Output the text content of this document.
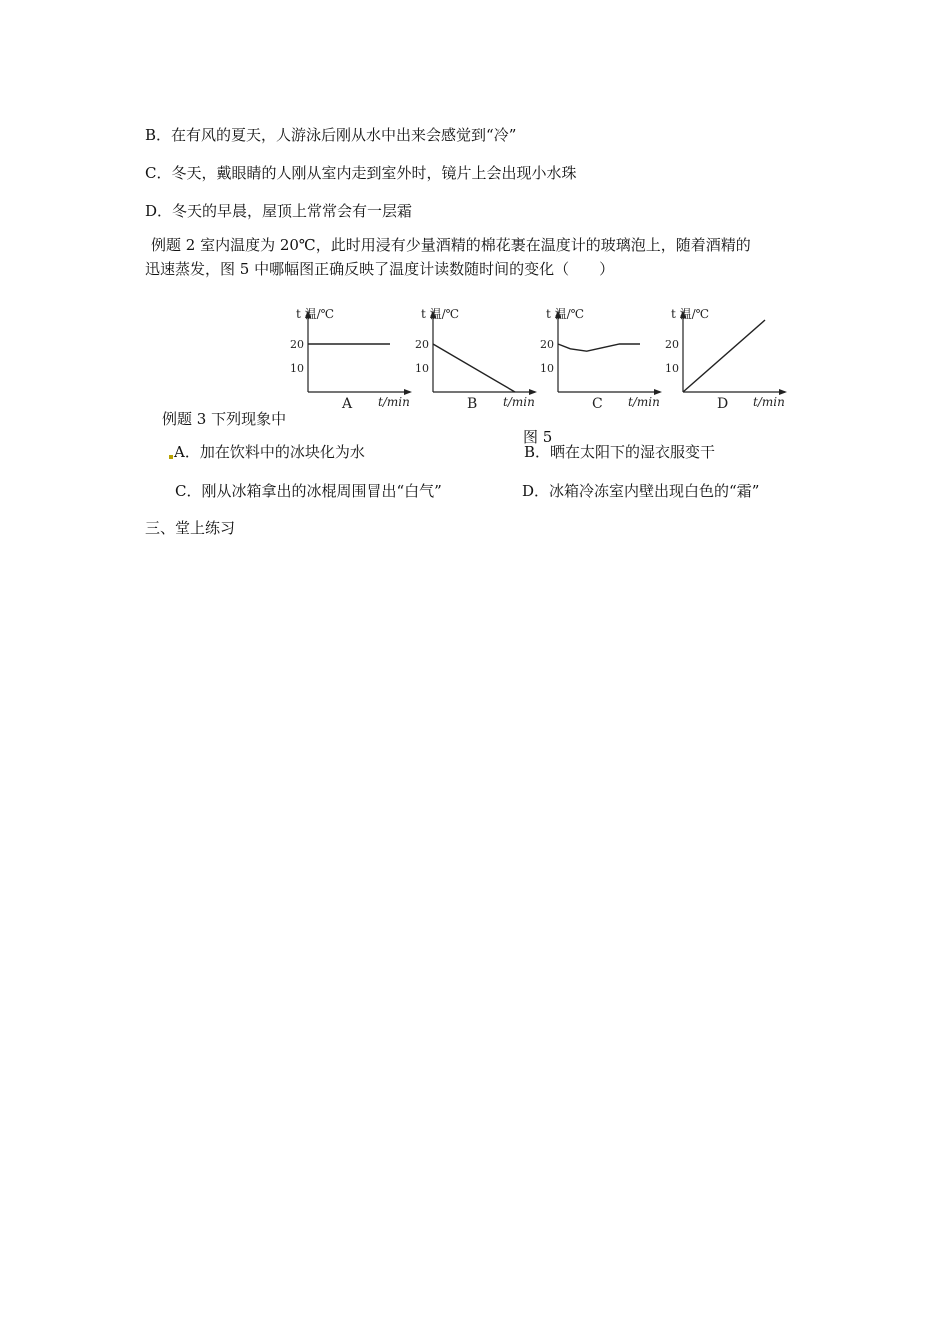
B．在有风的夏天，人游泳后刚从水中出来会感觉到“冷”
C．冬天，戴眼睛的人刚从室内走到室外时，镜片上会出现小水珠
D．冬天的早晨，屋顶上常常会有一层霜
例题 2 室内温度为 20℃，此时用浸有少量酒精的棉花裹在温度计的玻璃泡上，随着酒精的
迅速蒸发，图 5 中哪幅图正确反映了温度计读数随时间的变化（　　）
t 温/℃
20
10
t/min
A
t 温/℃
20
10
t/min
B
t 温/℃
20
10
t/min
C
t 温/℃
20
10
t/min
D
例题 3 下列现象中
图 5
A．加在饮料中的冰块化为水	B．晒在太阳下的湿衣服变干
C．刚从冰箱拿出的冰棍周围冒出“白气”	D．冰箱冷冻室内壁出现白色的“霜”
三、堂上练习
